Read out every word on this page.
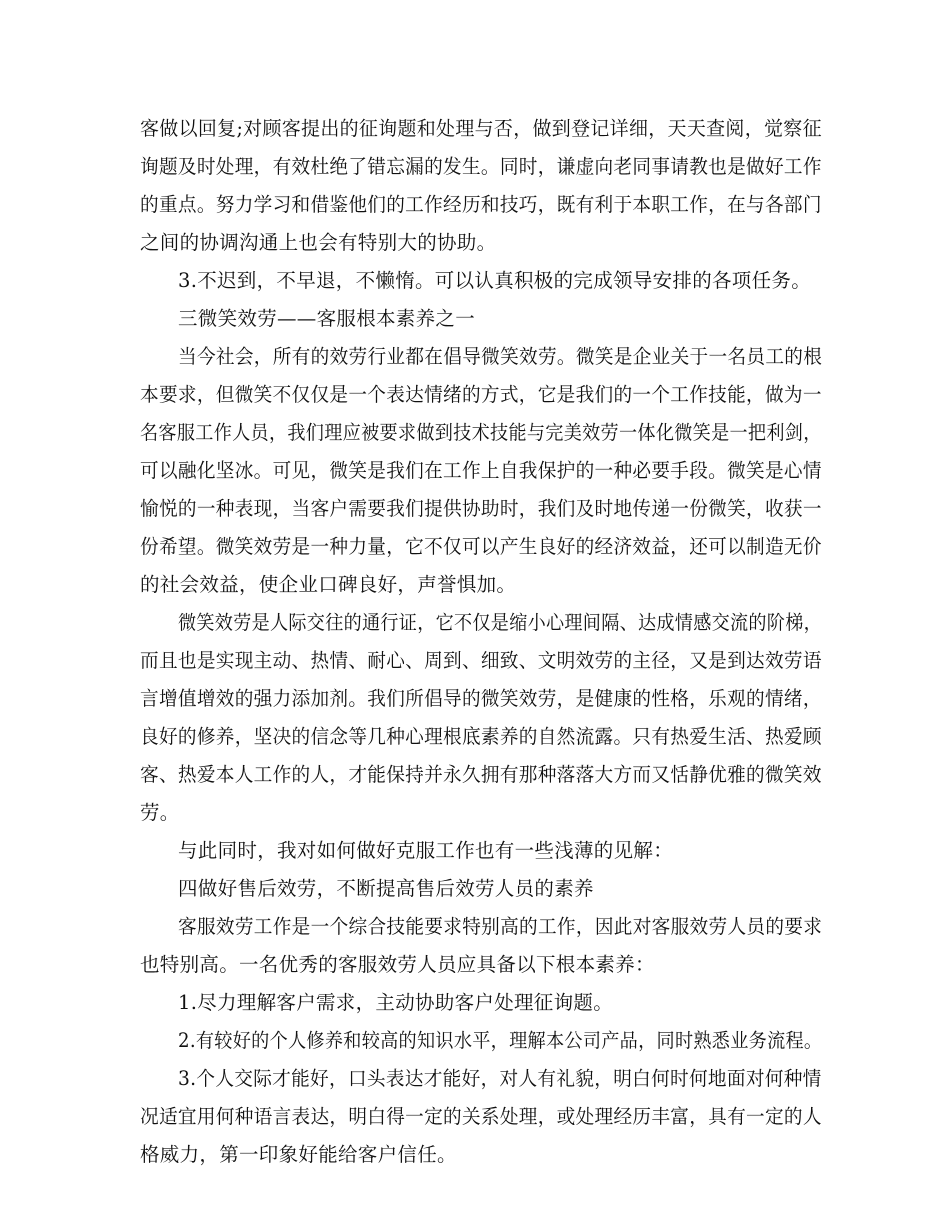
客做以回复;对顾客提出的征询题和处理与否，做到登记详细，天天查阅，觉察征
询题及时处理，有效杜绝了错忘漏的发生。同时，谦虚向老同事请教也是做好工作
的重点。努力学习和借鉴他们的工作经历和技巧，既有利于本职工作，在与各部门
之间的协调沟通上也会有特别大的协助。
3.不迟到，不早退，不懒惰。可以认真积极的完成领导安排的各项任务。
三微笑效劳——客服根本素养之一
当今社会，所有的效劳行业都在倡导微笑效劳。微笑是企业关于一名员工的根
本要求，但微笑不仅仅是一个表达情绪的方式，它是我们的一个工作技能，做为一
名客服工作人员，我们理应被要求做到技术技能与完美效劳一体化微笑是一把利剑，
可以融化坚冰。可见，微笑是我们在工作上自我保护的一种必要手段。微笑是心情
愉悦的一种表现，当客户需要我们提供协助时，我们及时地传递一份微笑，收获一
份希望。微笑效劳是一种力量，它不仅可以产生良好的经济效益，还可以制造无价
的社会效益，使企业口碑良好，声誉惧加。
微笑效劳是人际交往的通行证，它不仅是缩小心理间隔、达成情感交流的阶梯，
而且也是实现主动、热情、耐心、周到、细致、文明效劳的主径，又是到达效劳语
言增值增效的强力添加剂。我们所倡导的微笑效劳，是健康的性格，乐观的情绪，
良好的修养，坚决的信念等几种心理根底素养的自然流露。只有热爱生活、热爱顾
客、热爱本人工作的人，才能保持并永久拥有那种落落大方而又恬静优雅的微笑效
劳。
与此同时，我对如何做好克服工作也有一些浅薄的见解：
四做好售后效劳，不断提高售后效劳人员的素养
客服效劳工作是一个综合技能要求特别高的工作，因此对客服效劳人员的要求
也特别高。一名优秀的客服效劳人员应具备以下根本素养：
1.尽力理解客户需求，主动协助客户处理征询题。
2.有较好的个人修养和较高的知识水平，理解本公司产品，同时熟悉业务流程。
3.个人交际才能好，口头表达才能好，对人有礼貌，明白何时何地面对何种情
况适宜用何种语言表达，明白得一定的关系处理，或处理经历丰富，具有一定的人
格威力，第一印象好能给客户信任。
